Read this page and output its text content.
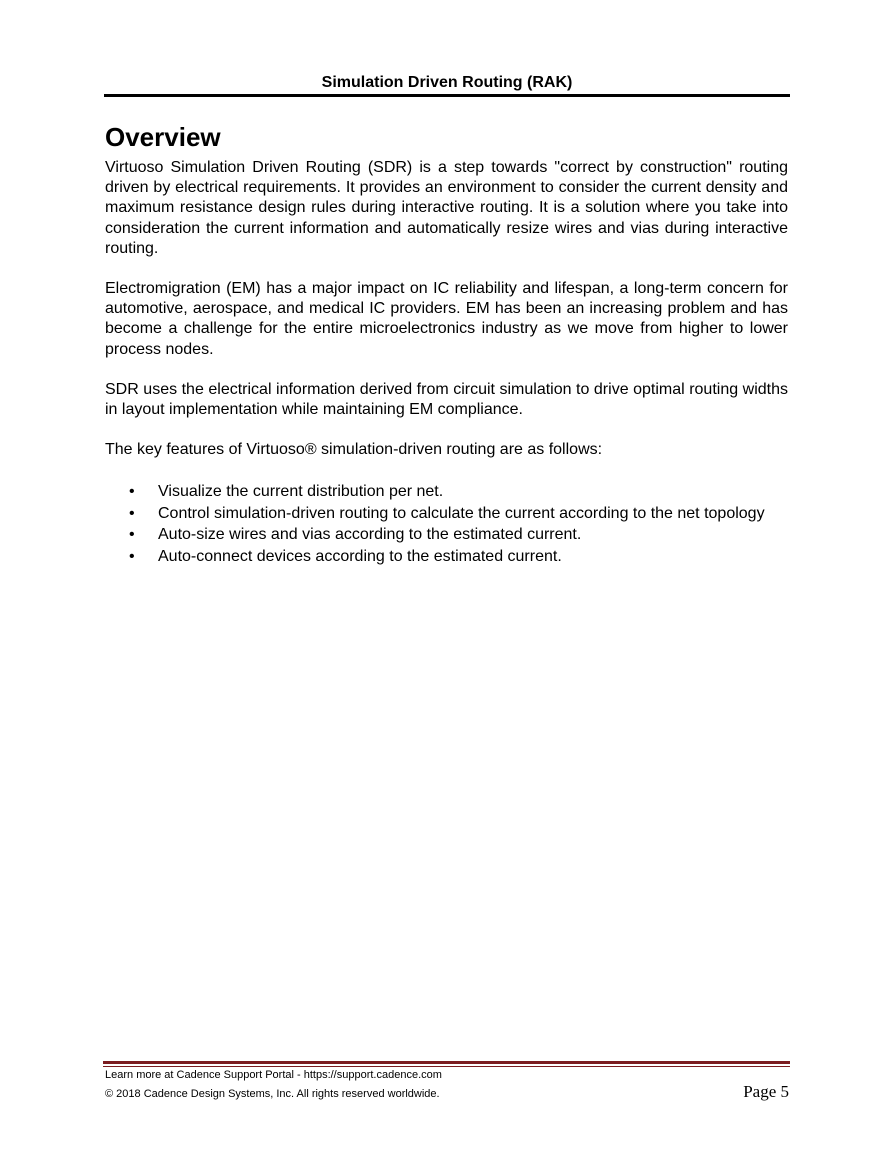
Simulation Driven Routing (RAK)
Overview

Virtuoso Simulation Driven Routing (SDR) is a step towards "correct by construction" routing driven by electrical requirements. It provides an environment to consider the current density and maximum resistance design rules during interactive routing. It is a solution where you take into consideration the current information and automatically resize wires and vias during interactive routing.

Electromigration (EM) has a major impact on IC reliability and lifespan, a long-term concern for automotive, aerospace, and medical IC providers. EM has been an increasing problem and has become a challenge for the entire microelectronics industry as we move from higher to lower process nodes.

SDR uses the electrical information derived from circuit simulation to drive optimal routing widths in layout implementation while maintaining EM compliance.

The key features of Virtuoso® simulation-driven routing are as follows:

•	Visualize the current distribution per net.
•	Control simulation-driven routing to calculate the current according to the net topology
•	Auto-size wires and vias according to the estimated current.
•	Auto-connect devices according to the estimated current.
Learn more at Cadence Support Portal - https://support.cadence.com
© 2018 Cadence Design Systems, Inc. All rights reserved worldwide.	Page 5
